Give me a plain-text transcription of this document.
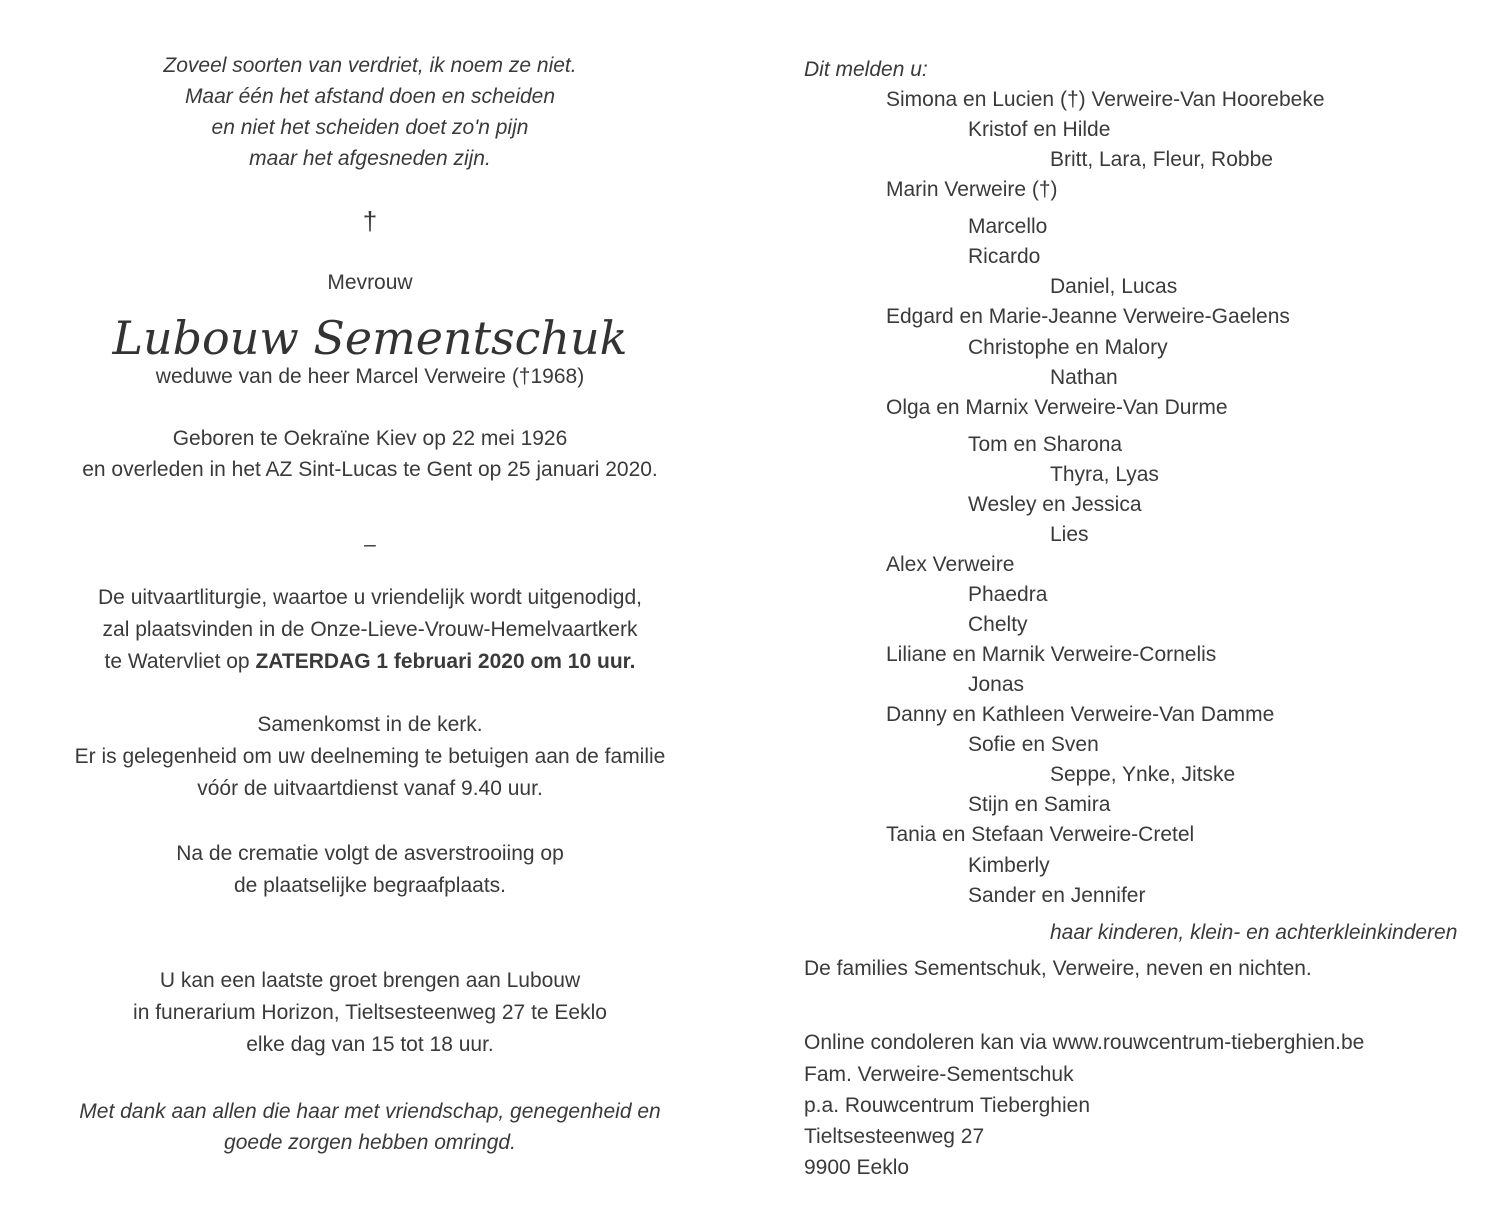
Zoveel soorten van verdriet, ik noem ze niet.
Maar één het afstand doen en scheiden
en niet het scheiden doet zo'n pijn
maar het afgesneden zijn.
†
Mevrouw
Lubouw Sementschuk
weduwe van de heer Marcel Verweire (†1968)
Geboren te Oekraïne Kiev op 22 mei 1926
en overleden in het AZ Sint-Lucas te Gent op 25 januari 2020.
–
De uitvaartliturgie, waartoe u vriendelijk wordt uitgenodigd,
zal plaatsvinden in de Onze-Lieve-Vrouw-Hemelvaartkerk
te Watervliet op ZATERDAG 1 februari 2020 om 10 uur.
Samenkomst in de kerk.
Er is gelegenheid om uw deelneming te betuigen aan de familie
vóór de uitvaartdienst vanaf 9.40 uur.
Na de crematie volgt de asverstrooiing op
de plaatselijke begraafplaats.
U kan een laatste groet brengen aan Lubouw
in funerarium Horizon, Tieltsesteenweg 27 te Eeklo
elke dag van 15 tot 18 uur.
Met dank aan allen die haar met vriendschap, genegenheid en
goede zorgen hebben omringd.
Dit melden u:
Simona en Lucien (†) Verweire-Van Hoorebeke
Kristof en Hilde
Britt, Lara, Fleur, Robbe
Marin Verweire (†)
Marcello
Ricardo
Daniel, Lucas
Edgard en Marie-Jeanne Verweire-Gaelens
Christophe en Malory
Nathan
Olga en Marnix Verweire-Van Durme
Tom en Sharona
Thyra, Lyas
Wesley en Jessica
Lies
Alex Verweire
Phaedra
Chelty
Liliane en Marnik Verweire-Cornelis
Jonas
Danny en Kathleen Verweire-Van Damme
Sofie en Sven
Seppe, Ynke, Jitske
Stijn en Samira
Tania en Stefaan Verweire-Cretel
Kimberly
Sander en Jennifer
haar kinderen, klein- en achterkleinkinderen
De families Sementschuk, Verweire, neven en nichten.
Online condoleren kan via www.rouwcentrum-tieberghien.be
Fam. Verweire-Sementschuk
p.a. Rouwcentrum Tieberghien
Tieltsesteenweg 27
9900 Eeklo
